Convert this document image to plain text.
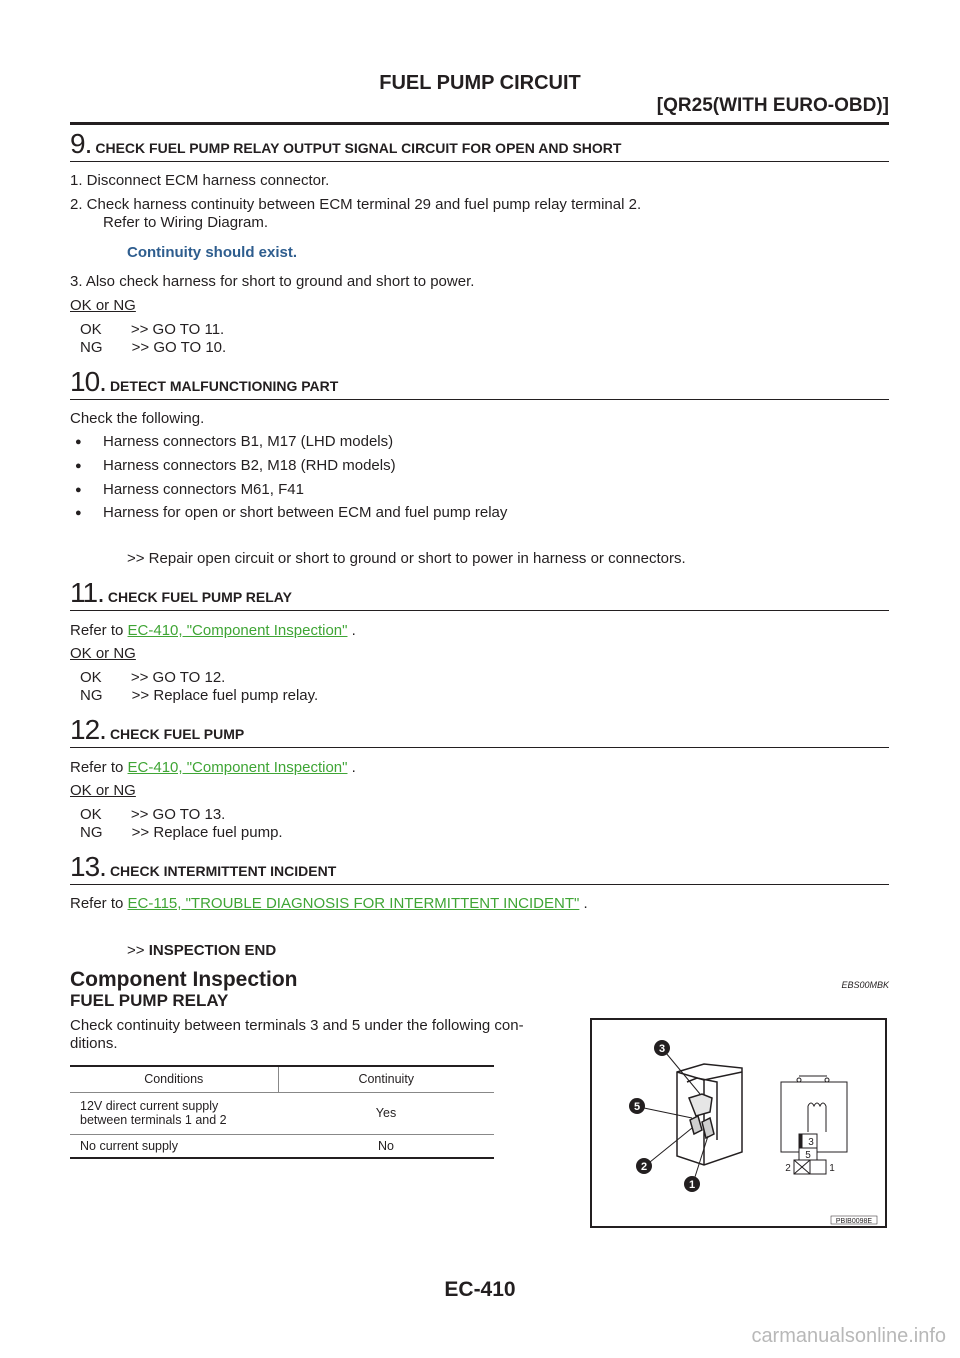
FUEL PUMP CIRCUIT
[QR25(WITH EURO-OBD)]
9. CHECK FUEL PUMP RELAY OUTPUT SIGNAL CIRCUIT FOR OPEN AND SHORT
1. Disconnect ECM harness connector.
2. Check harness continuity between ECM terminal 29 and fuel pump relay terminal 2.
Refer to Wiring Diagram.
Continuity should exist.
3. Also check harness for short to ground and short to power.
OK or NG
OK       >> GO TO 11.
NG       >> GO TO 10.
10. DETECT MALFUNCTIONING PART
Check the following.
● Harness connectors B1, M17 (LHD models)
● Harness connectors B2, M18 (RHD models)
● Harness connectors M61, F41
● Harness for open or short between ECM and fuel pump relay
>> Repair open circuit or short to ground or short to power in harness or connectors.
11. CHECK FUEL PUMP RELAY
Refer to EC-410, "Component Inspection" .
OK or NG
OK       >> GO TO 12.
NG       >> Replace fuel pump relay.
12. CHECK FUEL PUMP
Refer to EC-410, "Component Inspection" .
OK or NG
OK       >> GO TO 13.
NG       >> Replace fuel pump.
13. CHECK INTERMITTENT INCIDENT
Refer to EC-115, "TROUBLE DIAGNOSIS FOR INTERMITTENT INCIDENT" .
>> INSPECTION END
Component Inspection	EBS00MBK
FUEL PUMP RELAY
Check continuity between terminals 3 and 5 under the following con-
ditions.
Conditions	Continuity

12V direct current supply
between terminals 1 and 2	Yes
No current supply	No
3
5
2
1
3
5
2	1
PBIB0098E
EC-410
carmanualsonline.info
